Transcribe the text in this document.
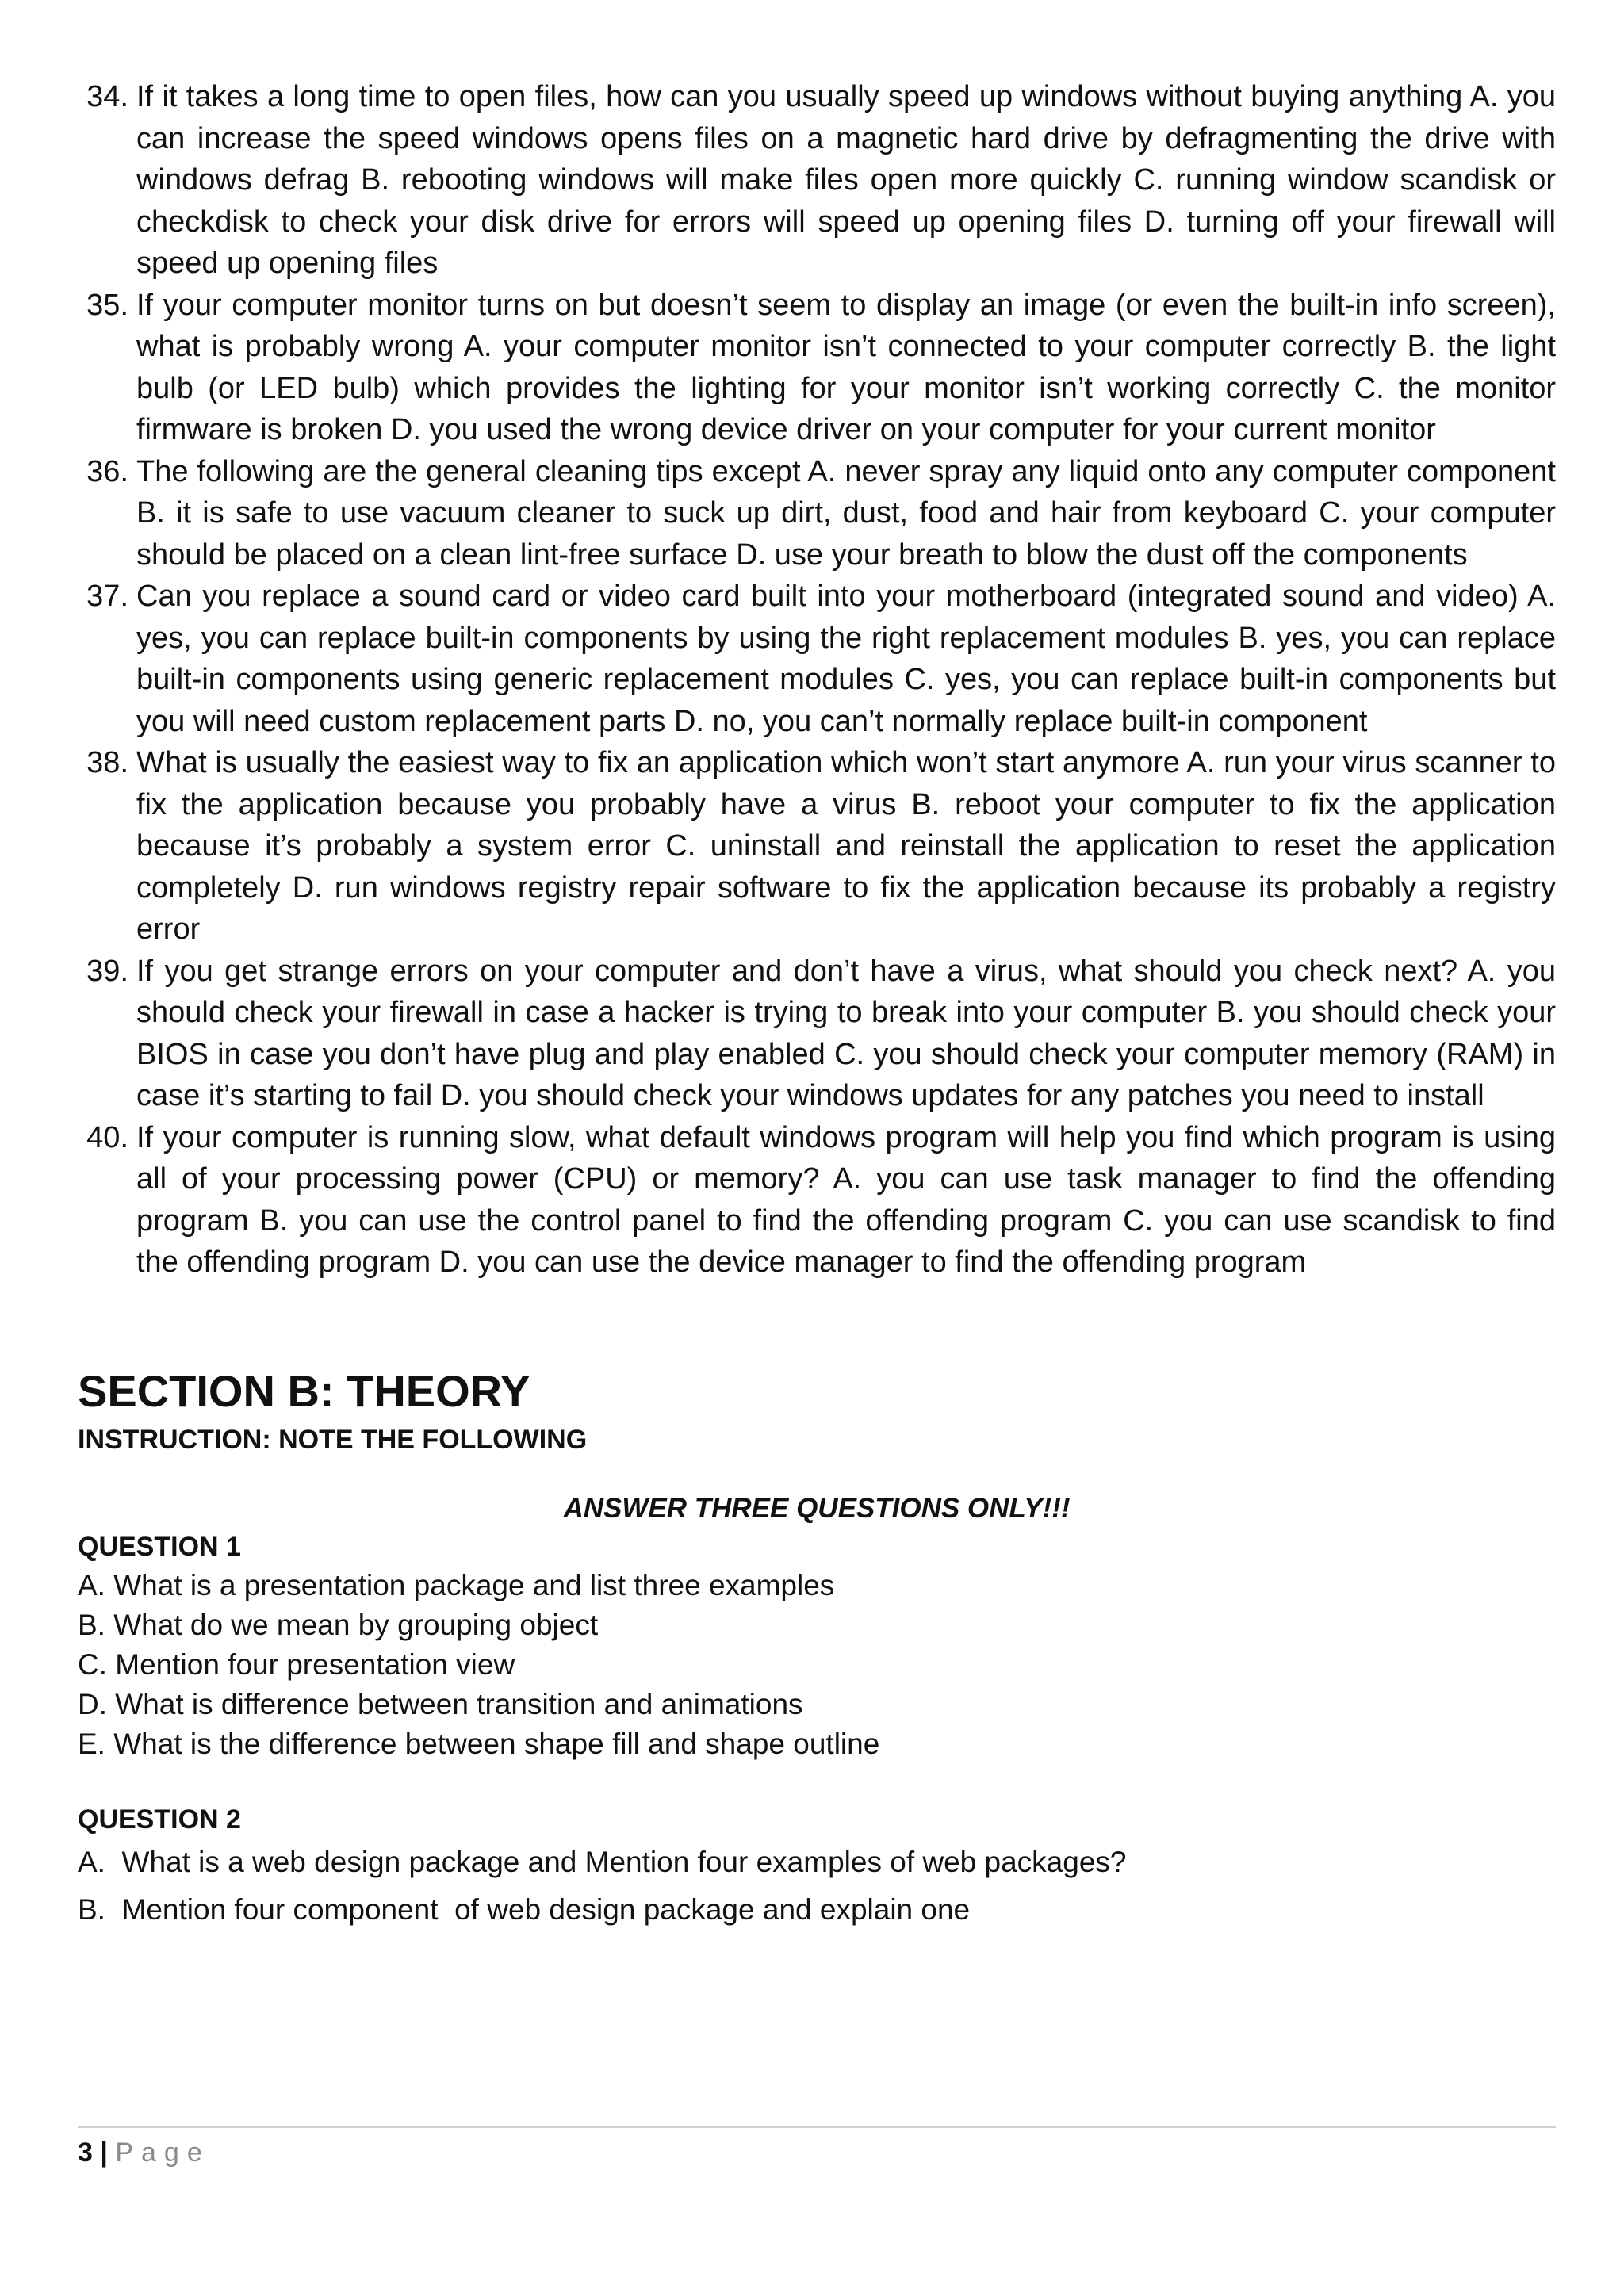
34. If it takes a long time to open files, how can you usually speed up windows without buying anything A. you can increase the speed windows opens files on a magnetic hard drive by defragmenting the drive with windows defrag B. rebooting windows will make files open more quickly C. running window scandisk or checkdisk to check your disk drive for errors will speed up opening files D. turning off your firewall will speed up opening files
35. If your computer monitor turns on but doesn’t seem to display an image (or even the built-in info screen), what is probably wrong A. your computer monitor isn’t connected to your computer correctly B. the light bulb (or LED bulb) which provides the lighting for your monitor isn’t working correctly C. the monitor firmware is broken D. you used the wrong device driver on your computer for your current monitor
36. The following are the general cleaning tips except A. never spray any liquid onto any computer component B. it is safe to use vacuum cleaner to suck up dirt, dust, food and hair from keyboard C. your computer should be placed on a clean lint-free surface D. use your breath to blow the dust off the components
37. Can you replace a sound card or video card built into your motherboard (integrated sound and video) A. yes, you can replace built-in components by using the right replacement modules B. yes, you can replace built-in components using generic replacement modules C. yes, you can replace built-in components but you will need custom replacement parts D. no, you can’t normally replace built-in component
38. What is usually the easiest way to fix an application which won’t start anymore A. run your virus scanner to fix the application because you probably have a virus B. reboot your computer to fix the application because it’s probably a system error C. uninstall and reinstall the application to reset the application completely D. run windows registry repair software to fix the application because its probably a registry error
39. If you get strange errors on your computer and don’t have a virus, what should you check next? A. you should check your firewall in case a hacker is trying to break into your computer B. you should check your BIOS in case you don’t have plug and play enabled C. you should check your computer memory (RAM) in case it’s starting to fail D. you should check your windows updates for any patches you need to install
40. If your computer is running slow, what default windows program will help you find which program is using all of your processing power (CPU) or memory? A. you can use task manager to find the offending program B. you can use the control panel to find the offending program C. you can use scandisk to find the offending program D. you can use the device manager to find the offending program
SECTION B: THEORY
INSTRUCTION: NOTE THE FOLLOWING
ANSWER THREE QUESTIONS ONLY!!!
QUESTION 1
A. What is a presentation package and list three examples
B. What do we mean by grouping object
C. Mention four presentation view
D. What is difference between transition and animations
E. What is the difference between shape fill and shape outline
QUESTION 2
A.  What is a web design package and Mention four examples of web packages?
B.  Mention four component  of web design package and explain one
3 | Page
